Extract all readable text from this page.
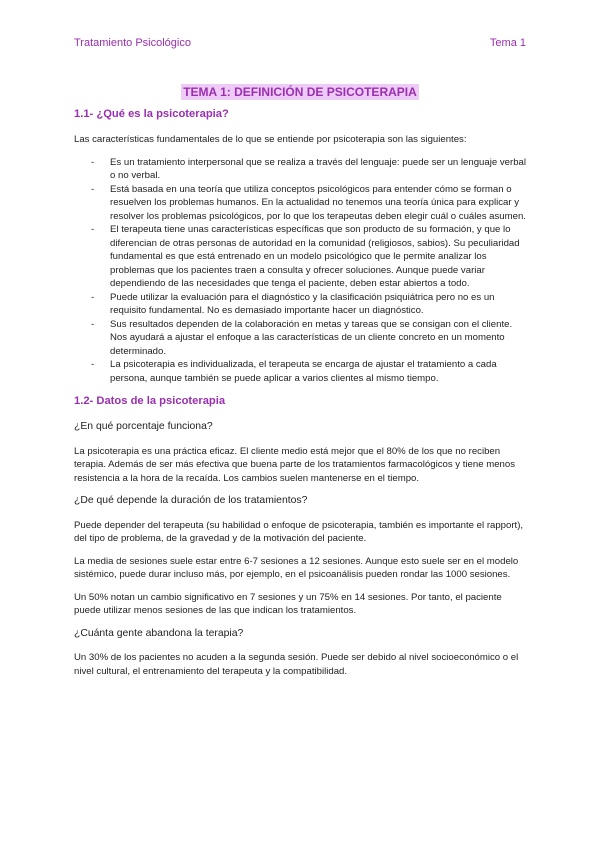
Tratamiento Psicológico	Tema 1
TEMA 1: DEFINICIÓN DE PSICOTERAPIA
1.1- ¿Qué es la psicoterapia?

Las características fundamentales de lo que se entiende por psicoterapia son las siguientes:

- Es un tratamiento interpersonal que se realiza a través del lenguaje: puede ser un lenguaje verbal o no verbal.
- Está basada en una teoría que utiliza conceptos psicológicos para entender cómo se forman o resuelven los problemas humanos. En la actualidad no tenemos una teoría única para explicar y resolver los problemas psicológicos, por lo que los terapeutas deben elegir cuál o cuáles asumen.
- El terapeuta tiene unas características específicas que son producto de su formación, y que lo diferencian de otras personas de autoridad en la comunidad (religiosos, sabios). Su peculiaridad fundamental es que está entrenado en un modelo psicológico que le permite analizar los problemas que los pacientes traen a consulta y ofrecer soluciones. Aunque puede variar dependiendo de las necesidades que tenga el paciente, deben estar abiertos a todo.
- Puede utilizar la evaluación para el diagnóstico y la clasificación psiquiátrica pero no es un requisito fundamental. No es demasiado importante hacer un diagnóstico.
- Sus resultados dependen de la colaboración en metas y tareas que se consigan con el cliente. Nos ayudará a ajustar el enfoque a las características de un cliente concreto en un momento determinado.
- La psicoterapia es individualizada, el terapeuta se encarga de ajustar el tratamiento a cada persona, aunque también se puede aplicar a varios clientes al mismo tiempo.
1.2- Datos de la psicoterapia

¿En qué porcentaje funciona?

La psicoterapia es una práctica eficaz. El cliente medio está mejor que el 80% de los que no reciben terapia. Además de ser más efectiva que buena parte de los tratamientos farmacológicos y tiene menos resistencia a la hora de la recaída. Los cambios suelen mantenerse en el tiempo.

¿De qué depende la duración de los tratamientos?

Puede depender del terapeuta (su habilidad o enfoque de psicoterapia, también es importante el rapport), del tipo de problema, de la gravedad y de la motivación del paciente.

La media de sesiones suele estar entre 6-7 sesiones a 12 sesiones. Aunque esto suele ser en el modelo sistémico, puede durar incluso más, por ejemplo, en el psicoanálisis pueden rondar las 1000 sesiones.

Un 50% notan un cambio significativo en 7 sesiones y un 75% en 14 sesiones. Por tanto, el paciente puede utilizar menos sesiones de las que indican los tratamientos.

¿Cuánta gente abandona la terapia?

Un 30% de los pacientes no acuden a la segunda sesión. Puede ser debido al nivel socioeconómico o el nivel cultural, el entrenamiento del terapeuta y la compatibilidad.
